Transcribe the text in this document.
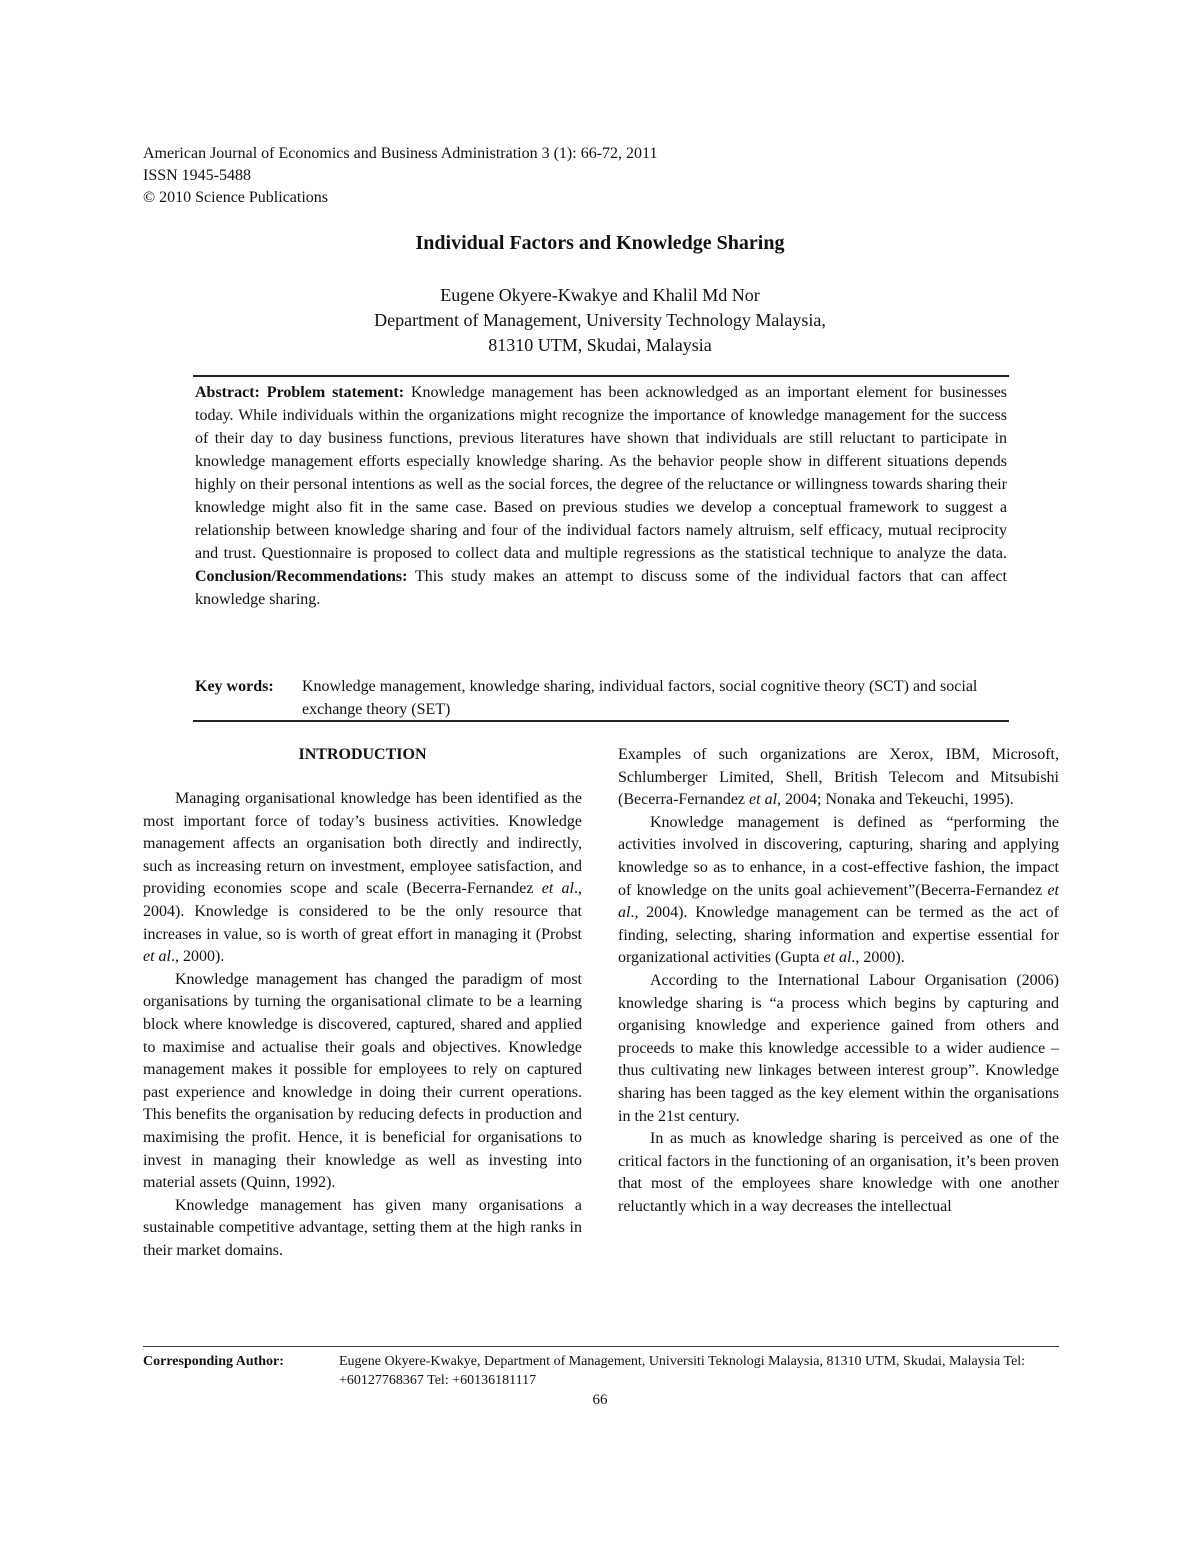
American Journal of Economics and Business Administration 3 (1): 66-72, 2011
ISSN 1945-5488
© 2010 Science Publications
Individual Factors and Knowledge Sharing
Eugene Okyere-Kwakye and Khalil Md Nor
Department of Management, University Technology Malaysia,
81310 UTM, Skudai, Malaysia
Abstract: Problem statement: Knowledge management has been acknowledged as an important element for businesses today. While individuals within the organizations might recognize the importance of knowledge management for the success of their day to day business functions, previous literatures have shown that individuals are still reluctant to participate in knowledge management efforts especially knowledge sharing. As the behavior people show in different situations depends highly on their personal intentions as well as the social forces, the degree of the reluctance or willingness towards sharing their knowledge might also fit in the same case. Based on previous studies we develop a conceptual framework to suggest a relationship between knowledge sharing and four of the individual factors namely altruism, self efficacy, mutual reciprocity and trust. Questionnaire is proposed to collect data and multiple regressions as the statistical technique to analyze the data. Conclusion/Recommendations: This study makes an attempt to discuss some of the individual factors that can affect knowledge sharing.
Key words: Knowledge management, knowledge sharing, individual factors, social cognitive theory (SCT) and social exchange theory (SET)
INTRODUCTION

Managing organisational knowledge has been identified as the most important force of today’s business activities. Knowledge management affects an organisation both directly and indirectly, such as increasing return on investment, employee satisfaction, and providing economies scope and scale (Becerra-Fernandez et al., 2004). Knowledge is considered to be the only resource that increases in value, so is worth of great effort in managing it (Probst et al., 2000).

Knowledge management has changed the paradigm of most organisations by turning the organisational climate to be a learning block where knowledge is discovered, captured, shared and applied to maximise and actualise their goals and objectives. Knowledge management makes it possible for employees to rely on captured past experience and knowledge in doing their current operations. This benefits the organisation by reducing defects in production and maximising the profit. Hence, it is beneficial for organisations to invest in managing their knowledge as well as investing into material assets (Quinn, 1992).

Knowledge management has given many organisations a sustainable competitive advantage, setting them at the high ranks in their market domains.

Examples of such organizations are Xerox, IBM, Microsoft, Schlumberger Limited, Shell, British Telecom and Mitsubishi (Becerra-Fernandez et al, 2004; Nonaka and Tekeuchi, 1995).

Knowledge management is defined as “performing the activities involved in discovering, capturing, sharing and applying knowledge so as to enhance, in a cost-effective fashion, the impact of knowledge on the units goal achievement”(Becerra-Fernandez et al., 2004). Knowledge management can be termed as the act of finding, selecting, sharing information and expertise essential for organizational activities (Gupta et al., 2000).

According to the International Labour Organisation (2006) knowledge sharing is “a process which begins by capturing and organising knowledge and experience gained from others and proceeds to make this knowledge accessible to a wider audience –thus cultivating new linkages between interest group”. Knowledge sharing has been tagged as the key element within the organisations in the 21st century.

In as much as knowledge sharing is perceived as one of the critical factors in the functioning of an organisation, it’s been proven that most of the employees share knowledge with one another reluctantly which in a way decreases the intellectual

Corresponding Author:	Eugene Okyere-Kwakye, Department of Management, Universiti Teknologi Malaysia, 81310 UTM, Skudai, Malaysia Tel: +60127768367 Tel: +60136181117
66
